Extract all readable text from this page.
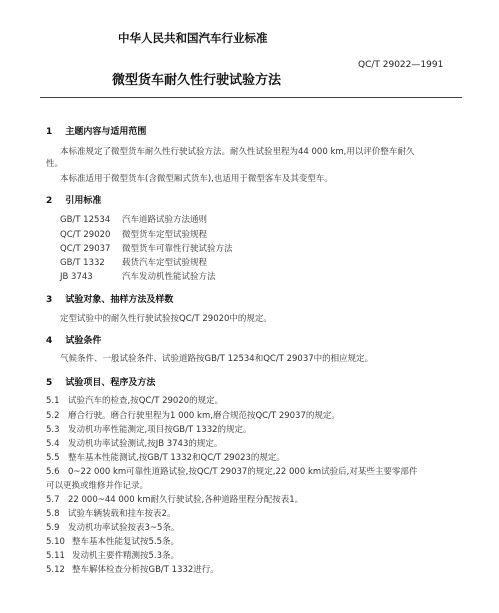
中华人民共和国汽车行业标准
QC/T 29022—1991
微型货车耐久性行驶试验方法
1 主题内容与适用范围
本标准规定了微型货车耐久性行驶试验方法。耐久性试验里程为44 000 km,用以评价整车耐久
性。
本标准适用于微型货车(含微型厢式货车),也适用于微型客车及其变型车。
2 引用标准
GB/T 12534 汽车道路试验方法通则
QC/T 29020 微型货车定型试验规程
QC/T 29037 微型货车可靠性行驶试验方法
GB/T 1332 载货汽车定型试验规程
JB 3743	汽车发动机性能试验方法
3 试验对象、抽样方法及样数
定型试验中的耐久性行驶试验按QC/T 29020中的规定。
4 试验条件
气候条件、一般试验条件、试验道路按GB/T 12534和QC/T 29037中的相应规定。
5 试验项目、程序及方法
5.1 试验汽车的检查,按QC/T 29020的规定。
5.2 磨合行驶。磨合行驶里程为1 000 km,磨合规范按QC/T 29037的规定。
5.3 发动机功率性能测定,项目按GB/T 1332的规定。
5.4 发动机功率试验测试,按JB 3743的规定。
5.5 整车基本性能测试,按GB/T 1332和QC/T 29023的规定。
5.6 0~22 000 km可靠性道路试验,按QC/T 29037的规定,22 000 km试验后,对某些主要零部件
可以更换或维修并作记录。
5.7 22 000~44 000 km耐久行驶试验,各种道路里程分配按表1。
5.8 试验车辆装载和挂车按表2。
5.9 发动机功率试验按表3~5条。
5.10 整车基本性能复试按5.5条。
5.11 发动机主要件精测按5.3条。
5.12 整车解体检查分析按GB/T 1332进行。
